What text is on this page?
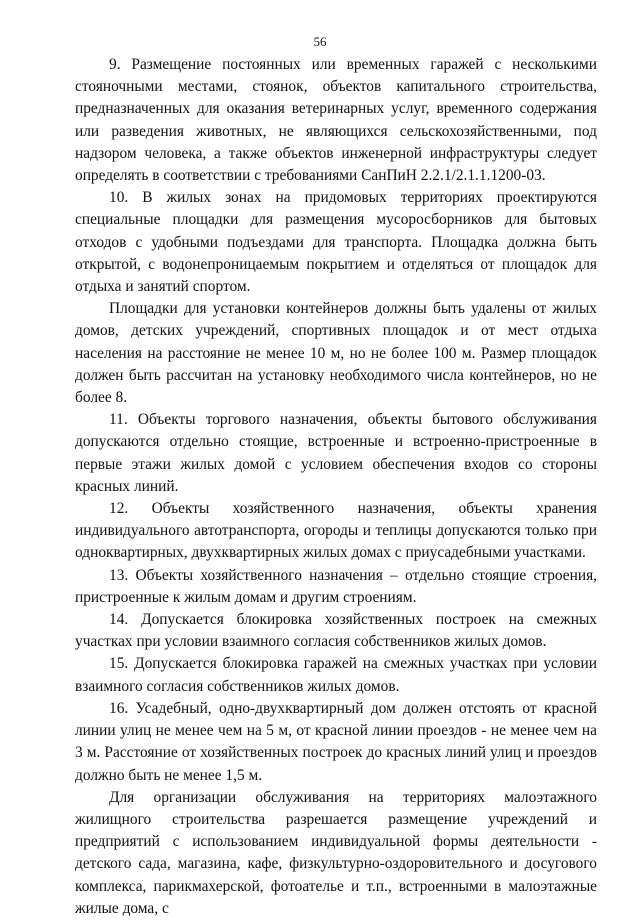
56

9. Размещение постоянных или временных гаражей с несколькими стояночными местами, стоянок, объектов капитального строительства, предназначенных для оказания ветеринарных услуг, временного содержания или разведения животных, не являющихся сельскохозяйственными, под надзором человека, а также объектов инженерной инфраструктуры следует определять в соответствии с требованиями СанПиН 2.2.1/2.1.1.1200-03.

10. В жилых зонах на придомовых территориях проектируются специальные площадки для размещения мусоросборников для бытовых отходов с удобными подъездами для транспорта. Площадка должна быть открытой, с водонепроницаемым покрытием и отделяться от площадок для отдыха и занятий спортом.

Площадки для установки контейнеров должны быть удалены от жилых домов, детских учреждений, спортивных площадок и от мест отдыха населения на расстояние не менее 10 м, но не более 100 м. Размер площадок должен быть рассчитан на установку необходимого числа контейнеров, но не более 8.

11. Объекты торгового назначения, объекты бытового обслуживания допускаются отдельно стоящие, встроенные и встроенно-пристроенные в первые этажи жилых домой с условием обеспечения входов со стороны красных линий.

12. Объекты хозяйственного назначения, объекты хранения индивидуального автотранспорта, огороды и теплицы допускаются только при одноквартирных, двухквартирных жилых домах с приусадебными участками.

13. Объекты хозяйственного назначения – отдельно стоящие строения, пристроенные к жилым домам и другим строениям.

14. Допускается блокировка хозяйственных построек на смежных участках при условии взаимного согласия собственников жилых домов.

15. Допускается блокировка гаражей на смежных участках при условии взаимного согласия собственников жилых домов.

16. Усадебный, одно-двухквартирный дом должен отстоять от красной линии улиц не менее чем на 5 м, от красной линии проездов - не менее чем на 3 м. Расстояние от хозяйственных построек до красных линий улиц и проездов должно быть не менее 1,5 м.

Для организации обслуживания на территориях малоэтажного жилищного строительства разрешается размещение учреждений и предприятий с использованием индивидуальной формы деятельности - детского сада, магазина, кафе, физкультурно-оздоровительного и досугового комплекса, парикмахерской, фотоателье и т.п., встроенными в малоэтажные жилые дома, с
